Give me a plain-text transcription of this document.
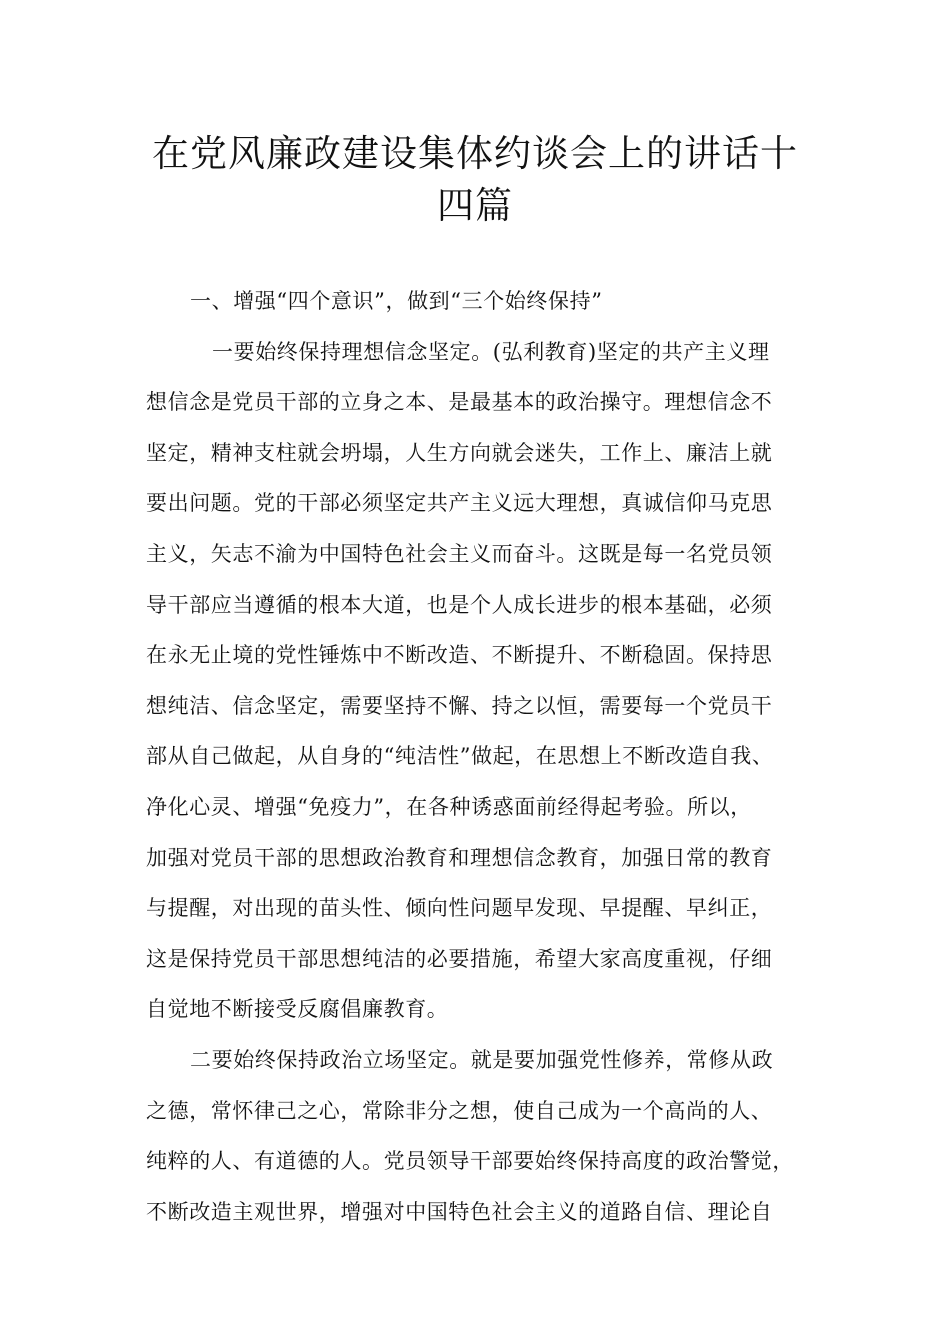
在党风廉政建设集体约谈会上的讲话十
四篇
一、增强“四个意识”，做到“三个始终保持”
一要始终保持理想信念坚定。(弘利教育)坚定的共产主义理
想信念是党员干部的立身之本、是最基本的政治操守。理想信念不
坚定，精神支柱就会坍塌，人生方向就会迷失，工作上、廉洁上就
要出问题。党的干部必须坚定共产主义远大理想，真诚信仰马克思
主义，矢志不渝为中国特色社会主义而奋斗。这既是每一名党员领
导干部应当遵循的根本大道，也是个人成长进步的根本基础，必须
在永无止境的党性锤炼中不断改造、不断提升、不断稳固。保持思
想纯洁、信念坚定，需要坚持不懈、持之以恒，需要每一个党员干
部从自己做起，从自身的“纯洁性”做起，在思想上不断改造自我、
净化心灵、增强“免疫力”，在各种诱惑面前经得起考验。所以，
加强对党员干部的思想政治教育和理想信念教育，加强日常的教育
与提醒，对出现的苗头性、倾向性问题早发现、早提醒、早纠正，
这是保持党员干部思想纯洁的必要措施，希望大家高度重视，仔细
自觉地不断接受反腐倡廉教育。
二要始终保持政治立场坚定。就是要加强党性修养，常修从政
之德，常怀律己之心，常除非分之想，使自己成为一个高尚的人、
纯粹的人、有道德的人。党员领导干部要始终保持高度的政治警觉，
不断改造主观世界，增强对中国特色社会主义的道路自信、理论自
